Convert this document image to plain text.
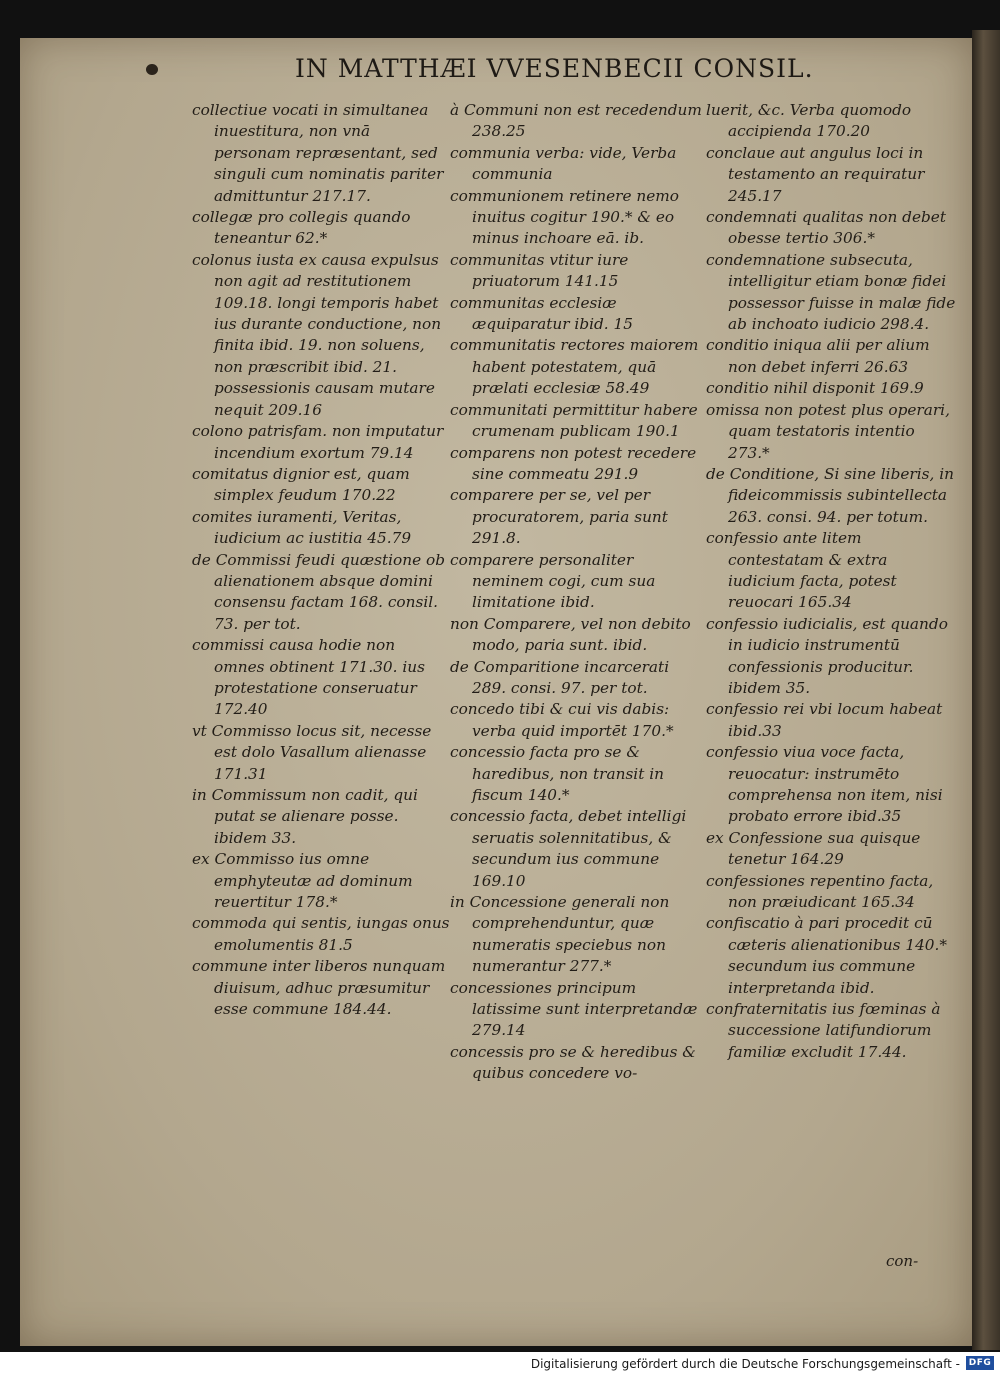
IN MATTHÆI VVESENBECII CONSIL.

collectiue vocati in simultanea inuestitura, non vnā personam repræsentant, sed singuli cum nominatis pariter admittuntur 217.17.

collegæ pro collegis quando teneantur 62.*

colonus iusta ex causa expulsus non agit ad restitutionem 109.18. longi temporis habet ius durante conductione, non finita ibid. 19. non soluens, non præscribit ibid. 21. possessionis causam mutare nequit 209.16

colono patrisfam. non imputatur incendium exortum 79.14

comitatus dignior est, quam simplex feudum 170.22

comites iuramenti, Veritas, iudicium ac iustitia 45.79

de Commissi feudi quæstione ob alienationem absque domini consensu factam 168. consil. 73. per tot.

commissi causa hodie non omnes obtinent 171.30. ius protestatione conseruatur 172.40

vt Commisso locus sit, necesse est dolo Vasallum alienasse 171.31

in Commissum non cadit, qui putat se alienare posse. ibidem 33.

ex Commisso ius omne emphyteutæ ad dominum reuertitur 178.*

commoda qui sentis, iungas onus emolumentis 81.5

commune inter liberos nunquam diuisum, adhuc præsumitur esse commune 184.44.

à Communi non est recedendum 238.25

communia verba: vide, Verba communia

communionem retinere nemo inuitus cogitur 190.* & eo minus inchoare eā. ib.

communitas vtitur iure priuatorum 141.15

communitas ecclesiæ æquiparatur ibid. 15

communitatis rectores maiorem habent potestatem, quā prælati ecclesiæ 58.49

communitati permittitur habere crumenam publicam 190.1

comparens non potest recedere sine commeatu 291.9

comparere per se, vel per procuratorem, paria sunt 291.8.

comparere personaliter neminem cogi, cum sua limitatione ibid.

non Comparere, vel non debito modo, paria sunt. ibid.

de Comparitione incarcerati 289. consi. 97. per tot.

concedo tibi & cui vis dabis: verba quid importēt 170.*

concessio facta pro se & haredibus, non transit in fiscum 140.*

concessio facta, debet intelligi seruatis solennitatibus, & secundum ius commune 169.10

in Concessione generali non comprehenduntur, quæ numeratis speciebus non numerantur 277.*

concessiones principum latissime sunt interpretandæ 279.14

concessis pro se & heredibus & quibus concedere vo-

luerit, &c. Verba quomodo accipienda 170.20

conclaue aut angulus loci in testamento an requiratur 245.17

condemnati qualitas non debet obesse tertio 306.*

condemnatione subsecuta, intelligitur etiam bonæ fidei possessor fuisse in malæ fide ab inchoato iudicio 298.4.

conditio iniqua alii per alium non debet inferri 26.63

conditio nihil disponit 169.9

omissa non potest plus operari, quam testatoris intentio 273.*

de Conditione, Si sine liberis, in fideicommissis subintellecta 263. consi. 94. per totum.

confessio ante litem contestatam & extra iudicium facta, potest reuocari 165.34

confessio iudicialis, est quando in iudicio instrumentū confessionis producitur. ibidem 35.

confessio rei vbi locum habeat ibid.33

confessio viua voce facta, reuocatur: instrumēto comprehensa non item, nisi probato errore ibid.35

ex Confessione sua quisque tenetur 164.29

confessiones repentino facta, non præiudicant 165.34

confiscatio à pari procedit cū cæteris alienationibus 140.* secundum ius commune interpretanda ibid.

confraternitatis ius fœminas à successione latifundiorum familiæ excludit 17.44.

con-
Digitalisierung gefördert durch die Deutsche Forschungsgemeinschaft - DFG
